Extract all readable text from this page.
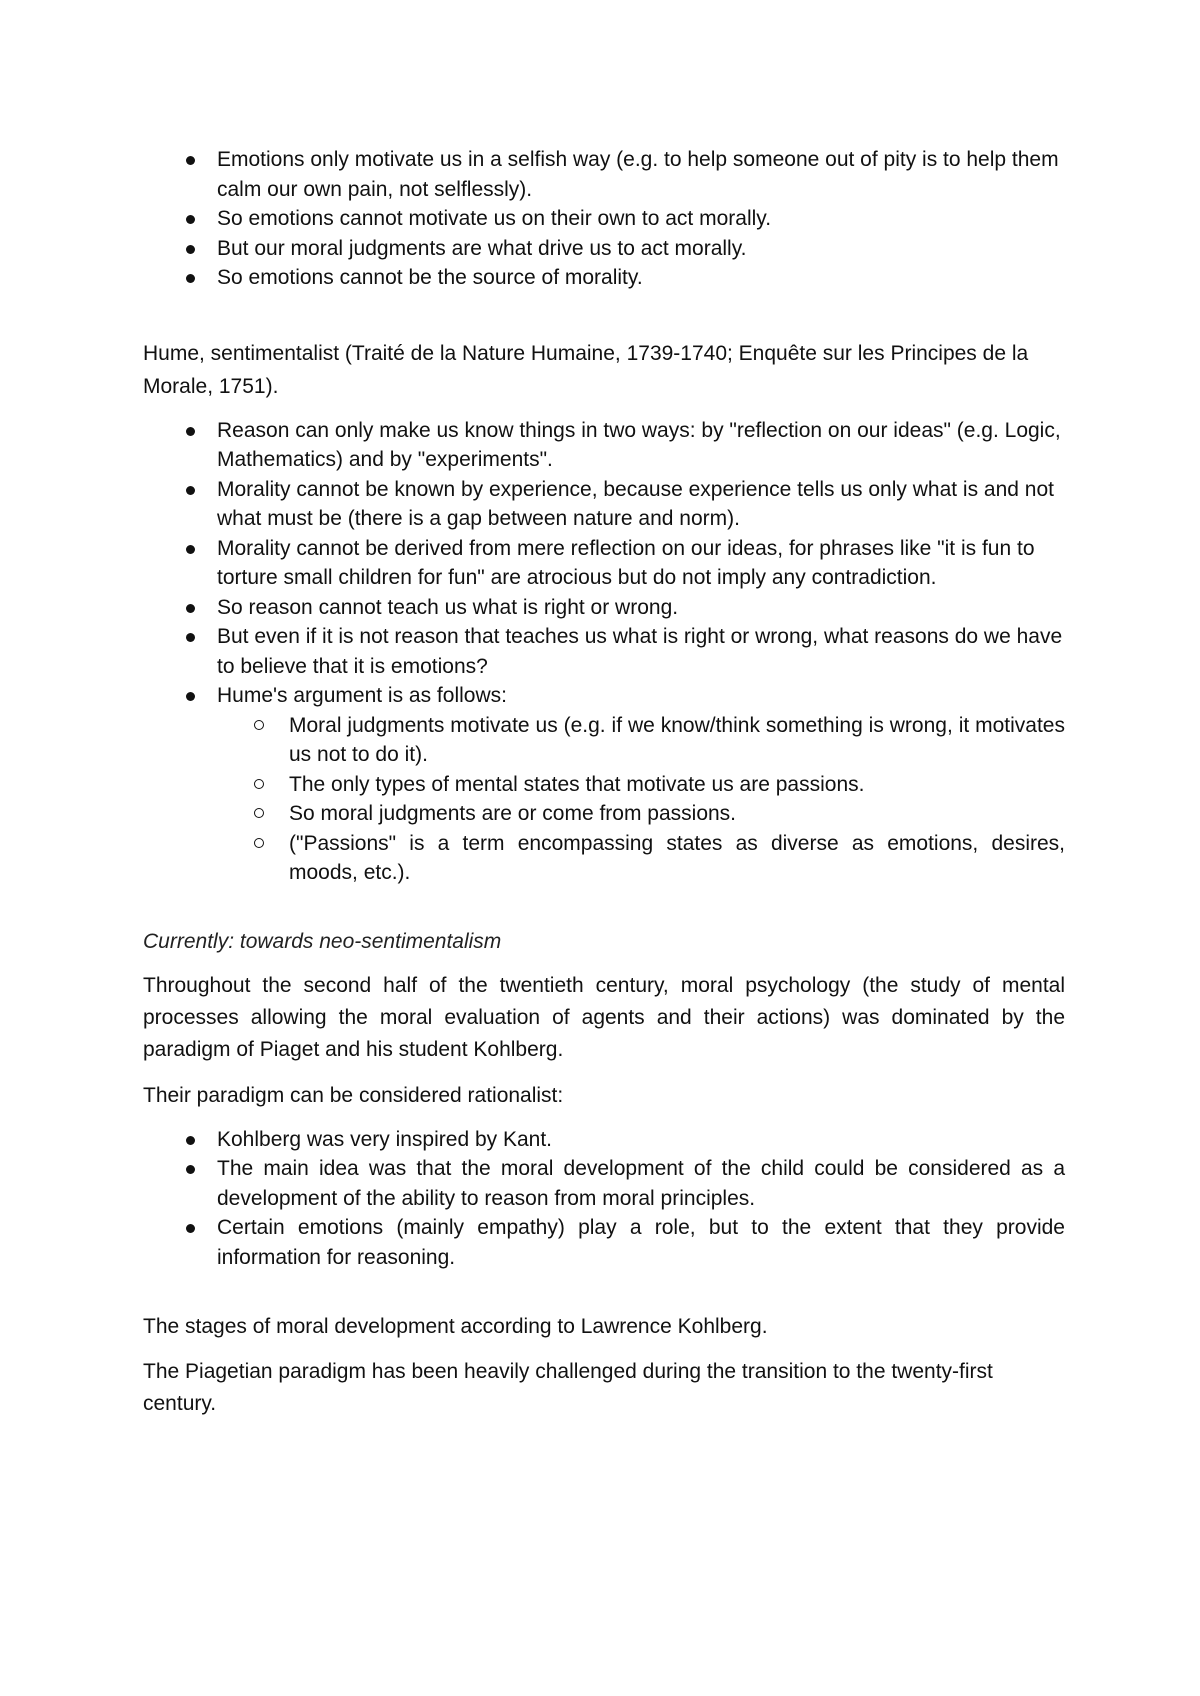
Emotions only motivate us in a selfish way (e.g. to help someone out of pity is to help them calm our own pain, not selflessly).
So emotions cannot motivate us on their own to act morally.
But our moral judgments are what drive us to act morally.
So emotions cannot be the source of morality.

Hume, sentimentalist (Traité de la Nature Humaine, 1739-1740; Enquête sur les Principes de la Morale, 1751).

Reason can only make us know things in two ways: by "reflection on our ideas" (e.g. Logic, Mathematics) and by "experiments".
Morality cannot be known by experience, because experience tells us only what is and not what must be (there is a gap between nature and norm).
Morality cannot be derived from mere reflection on our ideas, for phrases like "it is fun to torture small children for fun" are atrocious but do not imply any contradiction.
So reason cannot teach us what is right or wrong.
But even if it is not reason that teaches us what is right or wrong, what reasons do we have to believe that it is emotions?
Hume's argument is as follows:
Moral judgments motivate us (e.g. if we know/think something is wrong, it motivates us not to do it).
The only types of mental states that motivate us are passions.
So moral judgments are or come from passions.
("Passions" is a term encompassing states as diverse as emotions, desires, moods, etc.).

Currently: towards neo-sentimentalism

Throughout the second half of the twentieth century, moral psychology (the study of mental processes allowing the moral evaluation of agents and their actions) was dominated by the paradigm of Piaget and his student Kohlberg.

Their paradigm can be considered rationalist:

Kohlberg was very inspired by Kant.
The main idea was that the moral development of the child could be considered as a development of the ability to reason from moral principles.
Certain emotions (mainly empathy) play a role, but to the extent that they provide information for reasoning.

The stages of moral development according to Lawrence Kohlberg.

The Piagetian paradigm has been heavily challenged during the transition to the twenty-first century.
